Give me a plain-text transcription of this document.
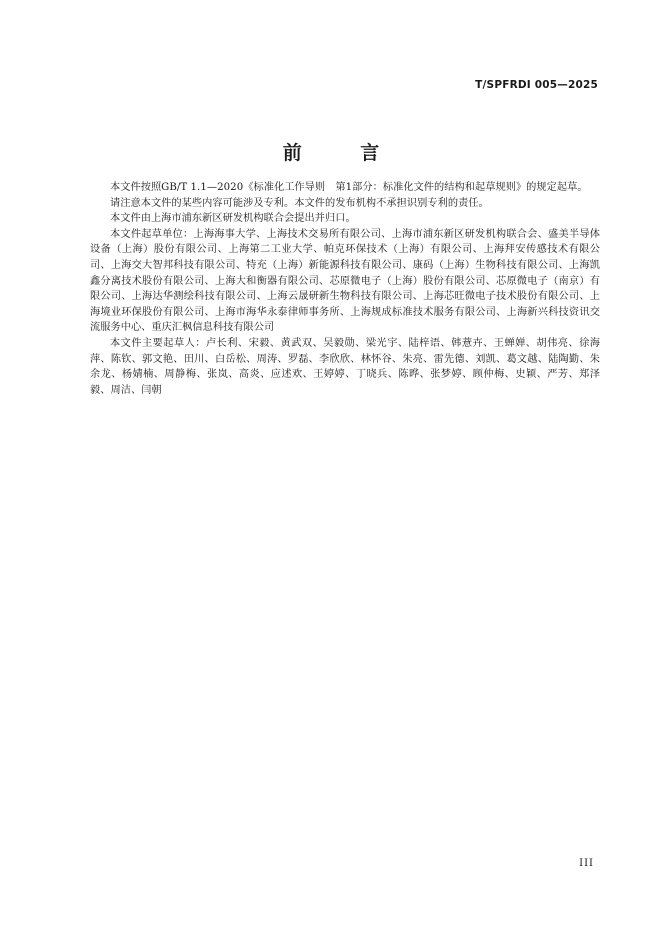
T/SPFRDI 005—2025
前 言

本文件按照GB/T 1.1—2020《标准化工作导则　第1部分：标准化文件的结构和起草规则》的规定起草。

请注意本文件的某些内容可能涉及专利。本文件的发布机构不承担识别专利的责任。

本文件由上海市浦东新区研发机构联合会提出并归口。

本文件起草单位：上海海事大学、上海技术交易所有限公司、上海市浦东新区研发机构联合会、盛美半导体设备（上海）股份有限公司、上海第二工业大学、帕克环保技术（上海）有限公司、上海拜安传感技术有限公司、上海交大智邦科技有限公司、特充（上海）新能源科技有限公司、康码（上海）生物科技有限公司、上海凯鑫分离技术股份有限公司、上海大和衡器有限公司、芯原微电子（上海）股份有限公司、芯原微电子（南京）有限公司、上海达华测绘科技有限公司、上海云晟研新生物科技有限公司、上海芯旺微电子技术股份有限公司、上海境业环保股份有限公司、上海市海华永泰律师事务所、上海规成标准技术服务有限公司、上海新兴科技资讯交流服务中心、重庆汇枫信息科技有限公司

本文件主要起草人：卢长利、宋毅、黄武双、吴毅勋、梁光宇、陆梓语、韩薏卉、王蝉婵、胡伟亮、徐海萍、陈钦、郭文艳、田川、白岳松、周涛、罗磊、李欣欣、林怀谷、朱亮、雷先德、刘凯、葛文越、陆陶勤、朱余龙、杨婧楠、周静梅、张岚、高炎、应述欢、王婷婷、丁晓兵、陈晔、张梦婷、顾仲梅、史颖、严芳、郑泽毅、周洁、闫朝

III
